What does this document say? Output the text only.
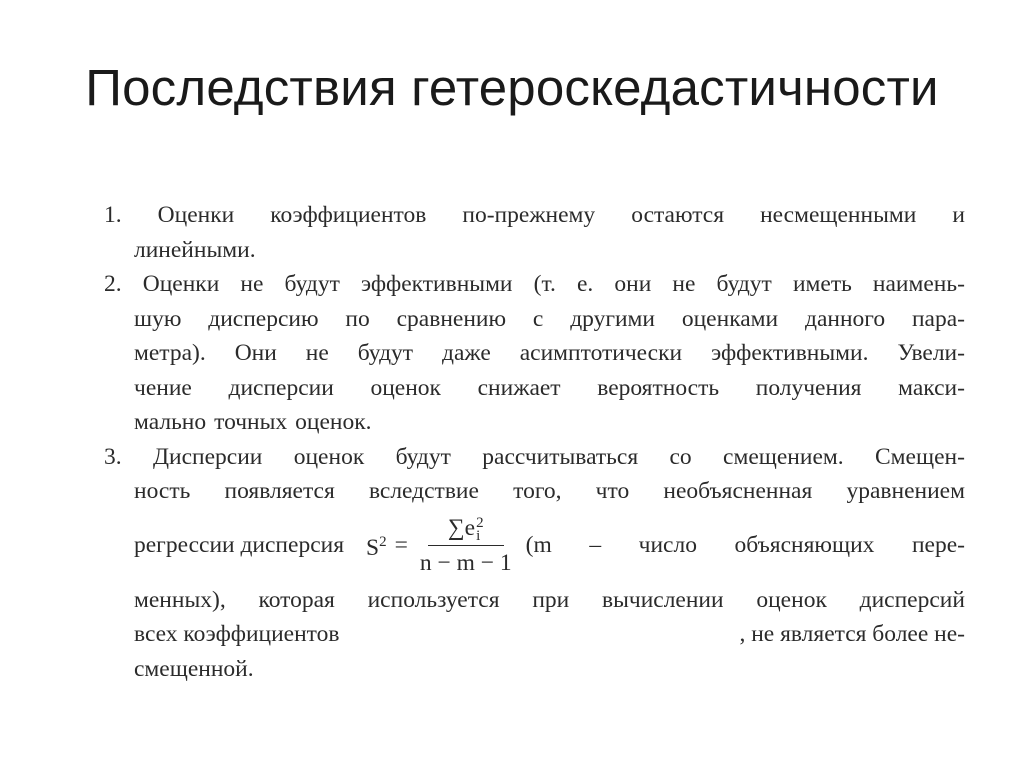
Последствия гетероскедастичности
1. Оценки коэффициентов по-прежнему остаются несмещенными и
линейными.
2. Оценки не будут эффективными (т. е. они не будут иметь наимень-
шую дисперсию по сравнению с другими оценками данного пара-
метра). Они не будут даже асимптотически эффективными. Увели-
чение дисперсии оценок снижает вероятность получения макси-
мально точных оценок.
3. Дисперсии оценок будут рассчитываться со смещением. Смещен-
ность появляется вследствие того, что необъясненная уравнением
регрессии дисперсия $S^2 = \sum e$ 2
i
n − m − 1 (m – число объясняющих пере-
менных), которая используется при вычислении оценок дисперсий
всех коэффициентов	, не является более не-
смещенной.
